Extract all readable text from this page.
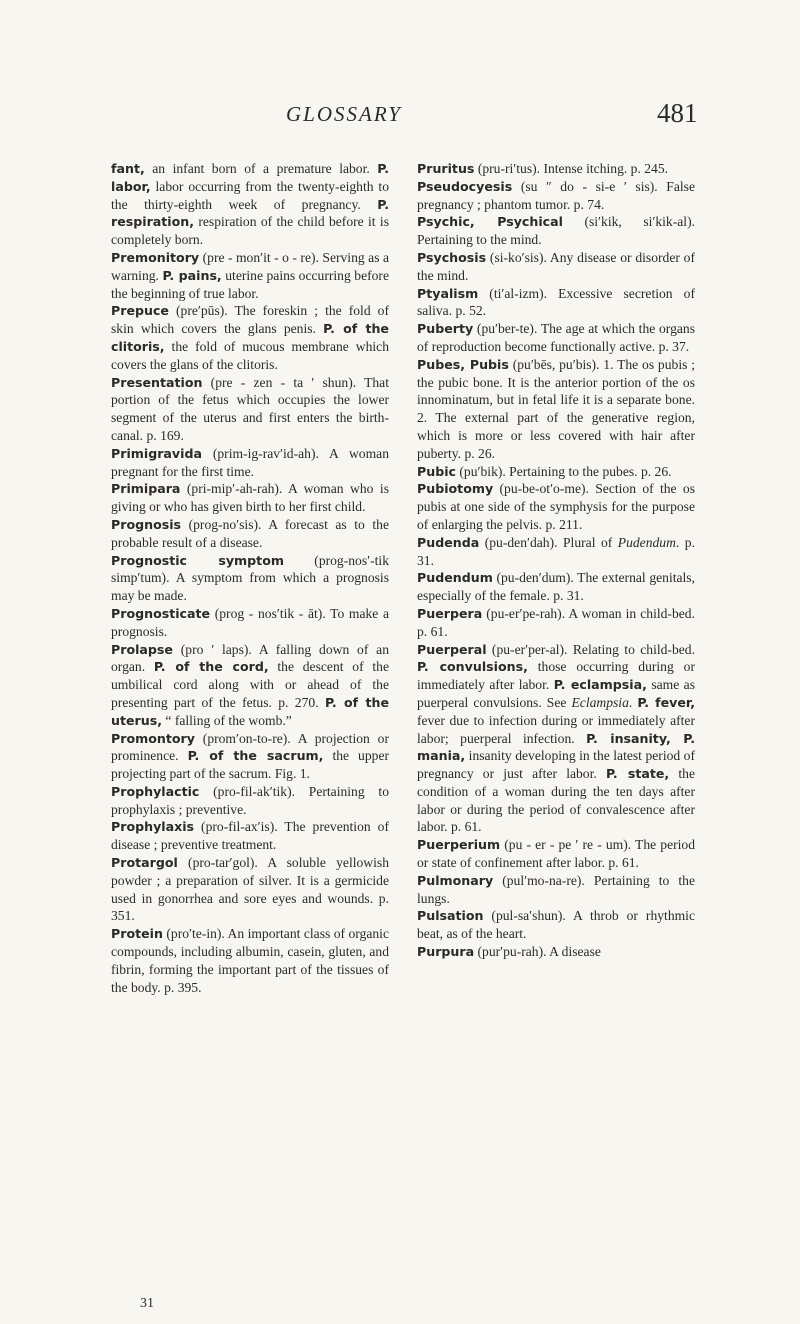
GLOSSARY	481

fant, an infant born of a premature labor. P. labor, labor occurring from the twenty-eighth to the thirty-eighth week of pregnancy. P. respiration, respiration of the child before it is completely born.

Premonitory (pre - mon′it - o - re). Serving as a warning. P. pains, uterine pains occurring before the beginning of true labor.

Prepuce (pre′pūs). The foreskin ; the fold of skin which covers the glans penis. P. of the clitoris, the fold of mucous membrane which covers the glans of the clitoris.

Presentation (pre - zen - ta ′ shun). That portion of the fetus which occupies the lower segment of the uterus and first enters the birth-canal. p. 169.

Primigravida (prim-ig-rav′id-ah). A woman pregnant for the first time.

Primipara (pri-mip′-ah-rah). A woman who is giving or who has given birth to her first child.

Prognosis (prog-no′sis). A forecast as to the probable result of a disease.

Prognostic symptom (prog-nos′-tik simp′tum). A symptom from which a prognosis may be made.

Prognosticate (prog - nos′tik - āt). To make a prognosis.

Prolapse (pro ′ laps). A falling down of an organ. P. of the cord, the descent of the umbilical cord along with or ahead of the presenting part of the fetus. p. 270. P. of the uterus, “ falling of the womb.”

Promontory (prom′on-to-re). A projection or prominence. P. of the sacrum, the upper projecting part of the sacrum. Fig. 1.

Prophylactic (pro-fil-ak′tik). Pertaining to prophylaxis ; preventive.

Prophylaxis (pro-fil-ax′is). The prevention of disease ; preventive treatment.

Protargol (pro-tar′gol). A soluble yellowish powder ; a preparation of silver. It is a germicide used in gonorrhea and sore eyes and wounds. p. 351.

Protein (pro′te-in). An important class of organic compounds, including albumin, casein, gluten, and fibrin, forming the important part of the tissues of the body. p. 395.

Pruritus (pru-ri′tus). Intense itching. p. 245.

Pseudocyesis (su ″ do - si-e ′ sis). False pregnancy ; phantom tumor. p. 74.

Psychic, Psychical (si′kik, si′kik-al). Pertaining to the mind.

Psychosis (si-ko′sis). Any disease or disorder of the mind.

Ptyalism (ti′al-izm). Excessive secretion of saliva. p. 52.

Puberty (pu′ber-te). The age at which the organs of reproduction become functionally active. p. 37.

Pubes, Pubis (pu′bēs, pu′bis). 1. The os pubis ; the pubic bone. It is the anterior portion of the os innominatum, but in fetal life it is a separate bone. 2. The external part of the generative region, which is more or less covered with hair after puberty. p. 26.

Pubic (pu′bik). Pertaining to the pubes. p. 26.

Pubiotomy (pu-be-ot′o-me). Section of the os pubis at one side of the symphysis for the purpose of enlarging the pelvis. p. 211.

Pudenda (pu-den′dah). Plural of Pudendum. p. 31.

Pudendum (pu-den′dum). The external genitals, especially of the female. p. 31.

Puerpera (pu-er′pe-rah). A woman in child-bed. p. 61.

Puerperal (pu-er′per-al). Relating to child-bed. P. convulsions, those occurring during or immediately after labor. P. eclampsia, same as puerperal convulsions. See Eclampsia. P. fever, fever due to infection during or immediately after labor; puerperal infection. P. insanity, P. mania, insanity developing in the latest period of pregnancy or just after labor. P. state, the condition of a woman during the ten days after labor or during the period of convalescence after labor. p. 61.

Puerperium (pu - er - pe ′ re - um). The period or state of confinement after labor. p. 61.

Pulmonary (pul′mo-na-re). Pertaining to the lungs.

Pulsation (pul-sa′shun). A throb or rhythmic beat, as of the heart.

Purpura (pur′pu-rah). A disease

31
